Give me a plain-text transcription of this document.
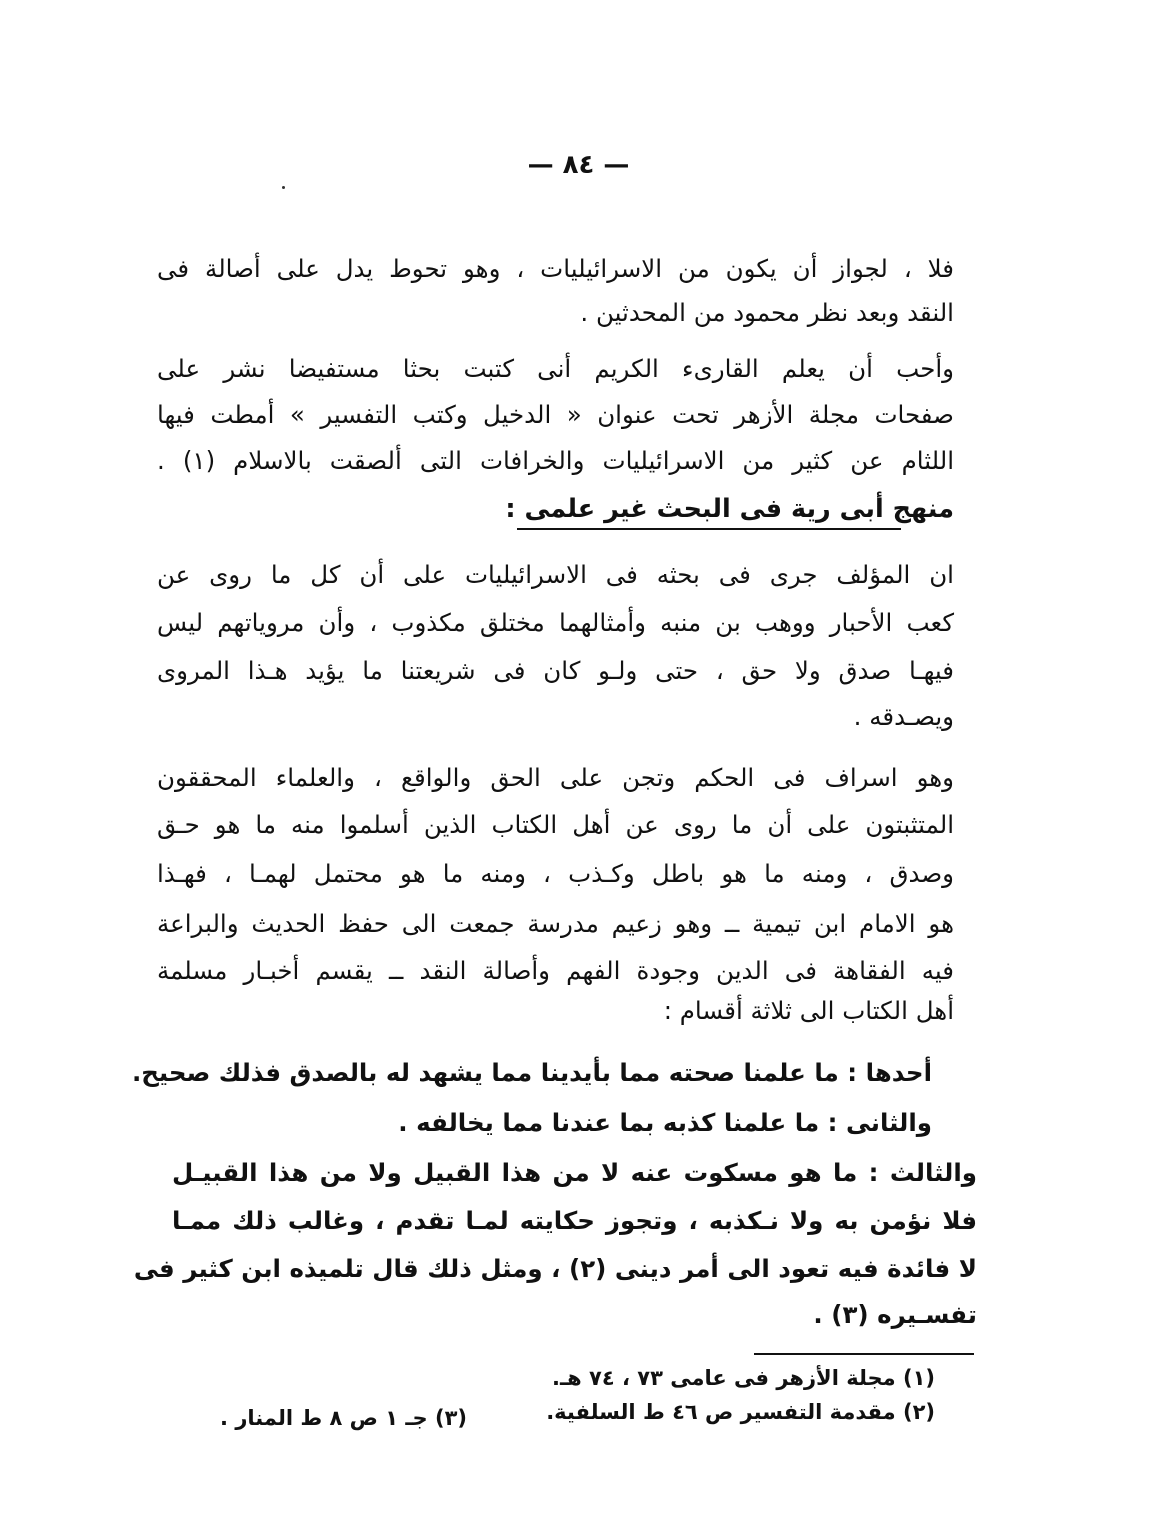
— ٨٤ —
فلا ، لجواز أن يكون من الاسرائيليات ، وهو تحوط يدل على أصالة فى
النقد وبعد نظر محمود من المحدثين .
وأحب أن يعلم القارىء الكريم أنى كتبت بحثا مستفيضا نشر على
صفحات مجلة الأزهر تحت عنوان « الدخيل وكتب التفسير » أمطت فيها
اللثام عن كثير من الاسرائيليات والخرافات التى ألصقت بالاسلام (١) .
منهج أبى رية فى البحث غير علمى :
ان المؤلف جرى فى بحثه فى الاسرائيليات على أن كل ما روى عن
كعب الأحبار ووهب بن منبه وأمثالهما مختلق مكذوب ، وأن مروياتهم ليس
فيهـا صدق ولا حق ، حتى ولـو كان فى شريعتنا ما يؤيد هـذا المروى
ويصـدقه .
وهو اسراف فى الحكم وتجن على الحق والواقع ، والعلماء المحققون
المتثبتون على أن ما روى عن أهل الكتاب الذين أسلموا منه ما هو حـق
وصدق ، ومنه ما هو باطل وكـذب ، ومنه ما هو محتمل لهمـا ، فهـذا
هو الامام ابن تيمية ــ وهو زعيم مدرسة جمعت الى حفظ الحديث والبراعة
فيه الفقاهة فى الدين وجودة الفهم وأصالة النقد ــ يقسم أخبـار مسلمة
أهل الكتاب الى ثلاثة أقسام :
أحدها : ما علمنا صحته مما بأيدينا مما يشهد له بالصدق فذلك صحيح.
والثانى : ما علمنا كذبه بما عندنا مما يخالفه .
والثالث : ما هو مسكوت عنه لا من هذا القبيل ولا من هذا القبيـل
فلا نؤمن به ولا نـكذبه ، وتجوز حكايته لمـا تقدم ، وغالب ذلك ممـا
لا فائدة فيه تعود الى أمر دينى (٢) ، ومثل ذلك قال تلميذه ابن كثير فى
تفسـيره (٣) .
(١) مجلة الأزهر فى عامى ٧٣ ، ٧٤ هـ.
(٢) مقدمة التفسير ص ٤٦ ط السلفية.
(٣) جـ ١ ص ٨ ط المنار .
